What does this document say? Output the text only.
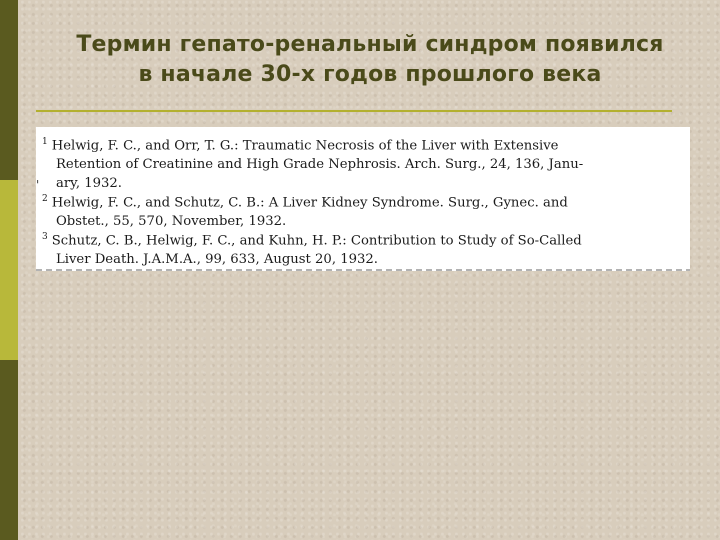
Термин гепато-ренальный синдром появился
в начале 30-х годов прошлого века
'
$^1$ Helwig, F. C., and Orr, T. G.: Traumatic Necrosis of the Liver with Extensive
Retention of Creatinine and High Grade Nephrosis. Arch. Surg., 24, 136, Janu-
ary, 1932.
$^2$ Helwig, F. C., and Schutz, C. B.: A Liver Kidney Syndrome. Surg., Gynec. and
Obstet., 55, 570, November, 1932.
$^3$ Schutz, C. B., Helwig, F. C., and Kuhn, H. P.: Contribution to Study of So-Called
Liver Death. J.A.M.A., 99, 633, August 20, 1932.
